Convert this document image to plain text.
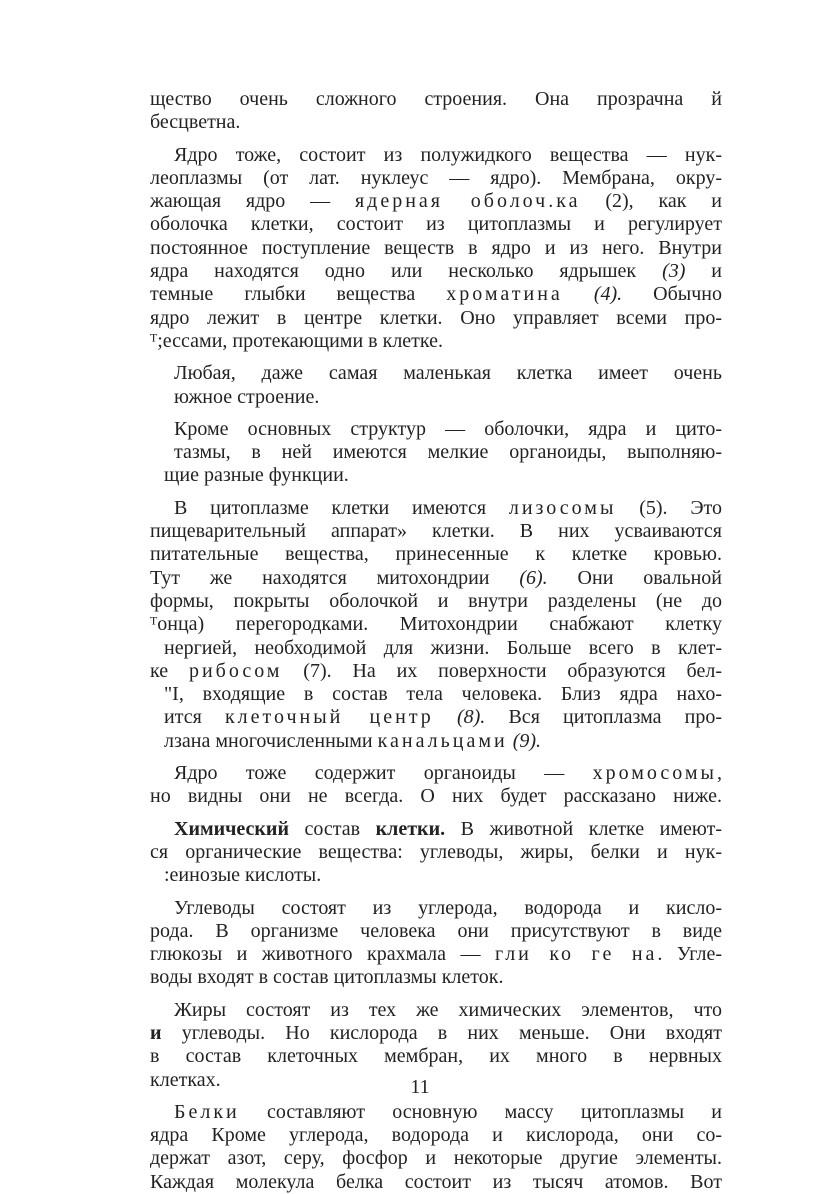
щество очень сложного строения. Она прозрачна й
бесцветна.
Ядро тоже, состоит из полужидкого вещества — нук-
леоплазмы (от лат. нуклеус — ядро). Мембрана, окру-
жающая ядро — ядерная оболоч.ка (2), как и
оболочка клетки, состоит из цитоплазмы и регулирует
постоянное поступление веществ в ядро и из него. Внутри
ядра находятся одно или несколько ядрышек (3) и
темные глыбки вещества хроматина (4). Обычно
ядро лежит в центре клетки. Оно управляет всеми про-
ᵀ;ессами, протекающими в клетке.
Любая, даже самая маленькая клетка имеет очень
южное строение.
Кроме основных структур — оболочки, ядра и цито-
тазмы, в ней имеются мелкие органоиды, выполняю-
щие разные функции.
В цитоплазме клетки имеются лизосомы (5). Это
пищеварительный аппарат» клетки. В них усваиваются
питательные вещества, принесенные к клетке кровью.
Тут же находятся митохондрии (6). Они овальной
формы, покрыты оболочкой и внутри разделены (не до
ᵀонца) перегородками. Митохондрии снабжают клетку
нергией, необходимой для жизни. Больше всего в клет-
ке рибосом (7). На их поверхности образуются бел-
"I, входящие в состав тела человека. Близ ядра нахо-
ится клеточный центр (8). Вся цитоплазма про-
лзана многочисленными канальцами (9).
Ядро тоже содержит органоиды — хромосомы,
но видны они не всегда. О них будет рассказано ниже.
Химический состав клетки. В животной клетке имеют-
ся органические вещества: углеводы, жиры, белки и нук-
:еинозые кислоты.
Углеводы состоят из углерода, водорода и кисло-
рода. В организме человека они присутствуют в виде
глюкозы и животного крахмала — гли ко ге на. Угле-
воды входят в состав цитоплазмы клеток.
Жиры состоят из тех же химических элементов, что
и углеводы. Но кислорода в них меньше. Они входят
в состав клеточных мембран, их много в нервных
клетках.
Белки составляют основную массу цитоплазмы и
ядра Кроме углерода, водорода и кислорода, они со-
держат азот, серу, фосфор и некоторые другие элементы.
Каждая молекула белка состоит из тысяч атомов. Вот
11
